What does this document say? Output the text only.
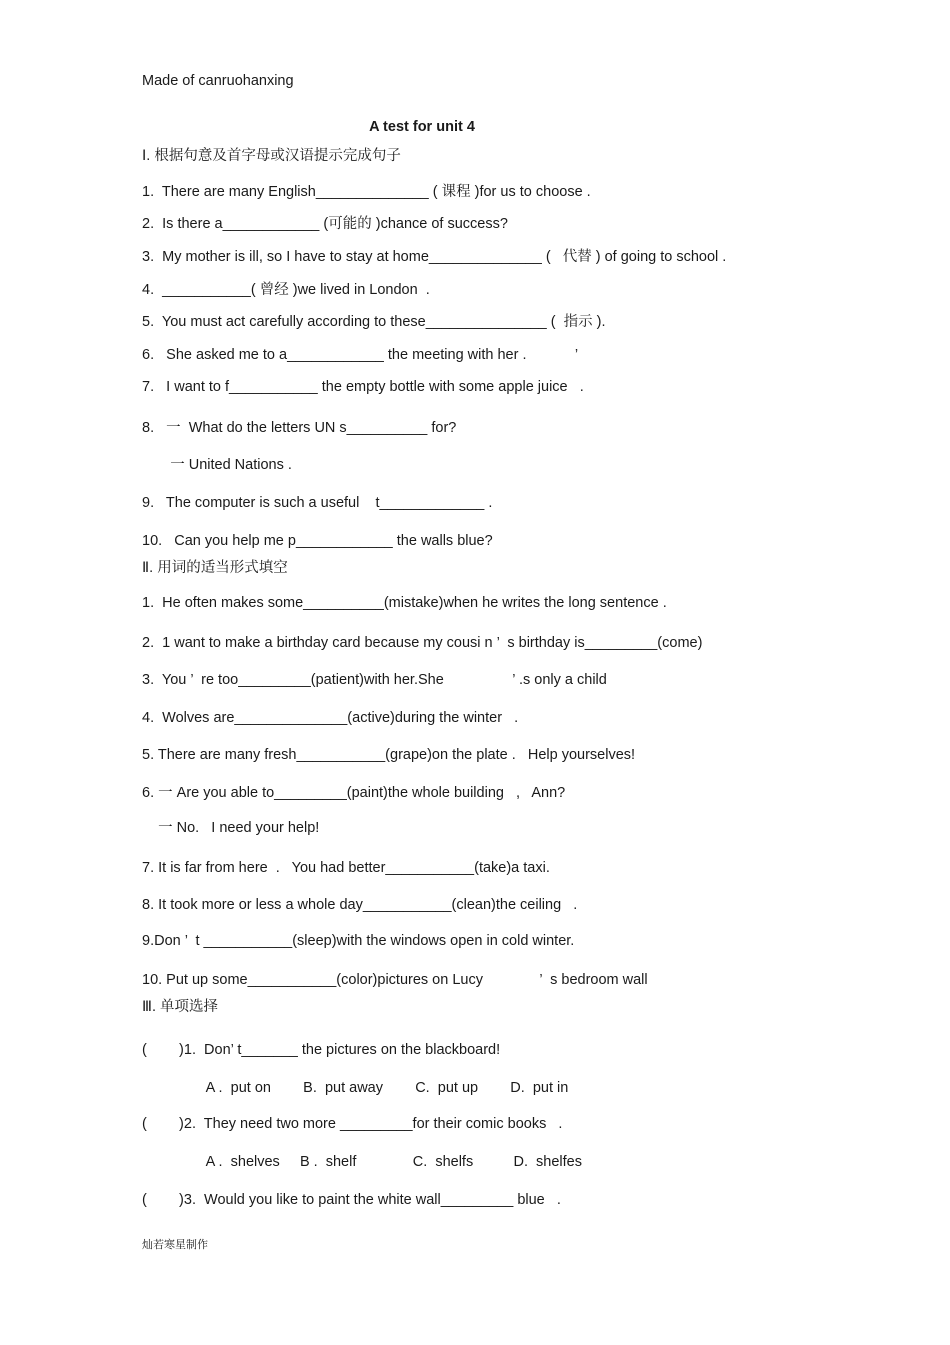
Made of canruohanxing
A test for unit 4
Ⅰ. 根据句意及首字母或汉语提示完成句子
1.  There are many English______________ ( 课程 )for us to choose .
2.  Is there a____________ (可能的 )chance of success?
3.  My mother is ill, so I have to stay at home______________ (   代替 ) of going to school .
4.  ___________( 曾经 )we lived in London  .
5.  You must act carefully according to these_______________ (  指示 ).
6.   She asked me to a____________ the meeting with her .            ’
7.   I want to f___________ the empty bottle with some apple juice   .
8.   一  What do the letters UN s__________ for?
一 United Nations .
9.   The computer is such a useful    t_____________ .
10.   Can you help me p____________ the walls blue?
Ⅱ. 用词的适当形式填空
1.  He often makes some__________(mistake)when he writes the long sentence .
2.  1 want to make a birthday card because my cousi n ’  s birthday is_________(come)
3.  You ’  re too_________(patient)with her.She                 ’ .s only a child
4.  Wolves are______________(active)during the winter   .
5. There are many fresh___________(grape)on the plate .   Help yourselves!
6. 一 Are you able to_________(paint)the whole building   ,   Ann?
一 No.   I need your help!
7. It is far from here  .   You had better___________(take)a taxi.
8. It took more or less a whole day___________(clean)the ceiling   .
9.Don ’  t ___________(sleep)with the windows open in cold winter.
10. Put up some___________(color)pictures on Lucy              ’  s bedroom wall
Ⅲ. 单项选择
(        )1.  Don’ t_______ the pictures on the blackboard!
A .  put on        B.  put away        C.  put up        D.  put in
(        )2.  They need two more _________for their comic books   .
A .  shelves     B .  shelf              C.  shelfs          D.  shelfes
(        )3.  Would you like to paint the white wall_________ blue   .
灿若寒星制作
